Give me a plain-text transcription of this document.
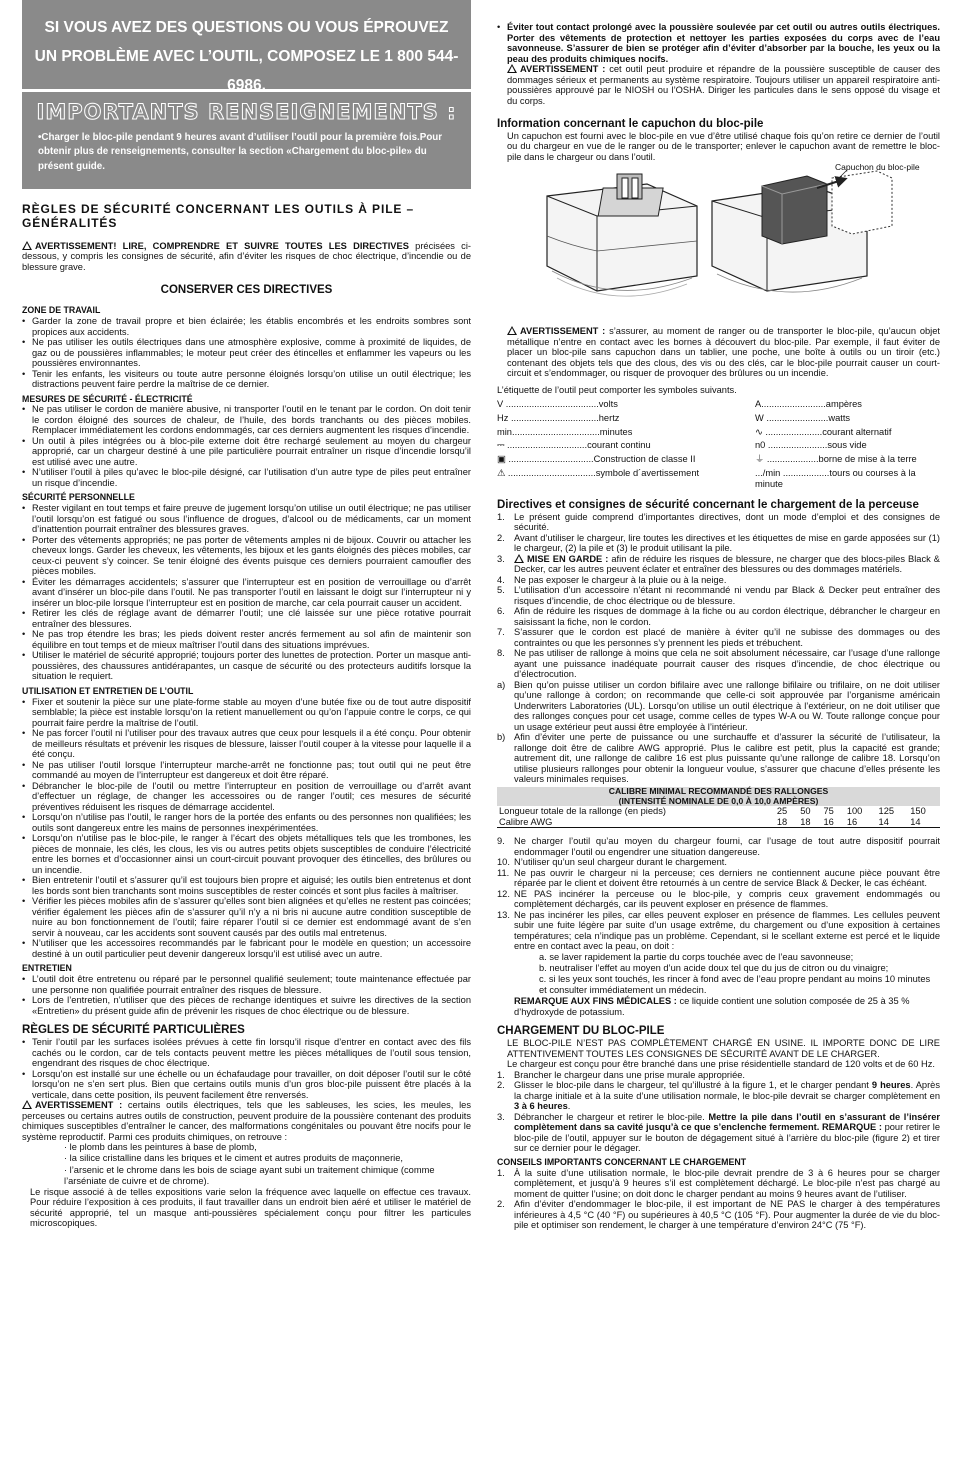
SI VOUS AVEZ DES QUESTIONS OU VOUS ÉPROUVEZ UN PROBLÈME AVEC L’OUTIL, COMPOSEZ LE 1 800 544-6986.
IMPORTANTS RENSEIGNEMENTS :
•Charger le bloc-pile pendant 9 heures avant d’utiliser l’outil pour la première fois.Pour obtenir plus de renseignements, consulter la section «Chargement du bloc-pile» du présent guide.
RÈGLES DE SÉCURITÉ CONCERNANT LES OUTILS À PILE – GÉNÉRALITÉS

AVERTISSEMENT! LIRE, COMPRENDRE ET SUIVRE TOUTES LES DIRECTIVES précisées ci-dessous, y compris les consignes de sécurité, afin d’éviter les risques de choc électrique, d’incendie ou de blessure grave.

CONSERVER CES DIRECTIVES
ZONE DE TRAVAIL
• Garder la zone de travail propre et bien éclairée; les établis encombrés et les endroits sombres sont propices aux accidents.
• Ne pas utiliser les outils électriques dans une atmosphère explosive, comme à proximité de liquides, de gaz ou de poussières inflammables; le moteur peut créer des étincelles et enflammer les vapeurs ou les poussières environnantes.
• Tenir les enfants, les visiteurs ou toute autre personne éloignés lorsqu’on utilise un outil électrique; les distractions peuvent faire perdre la maîtrise de ce dernier.
MESURES DE SÉCURITÉ - ÉLECTRICITÉ
• Ne pas utiliser le cordon de manière abusive, ni transporter l’outil en le tenant par le cordon. On doit tenir le cordon éloigné des sources de chaleur, de l’huile, des bords tranchants ou des pièces mobiles. Remplacer immédiatement les cordons endommagés, car ces derniers augmentent les risques d’incendie.
• Un outil à piles intégrées ou à bloc-pile externe doit être rechargé seulement au moyen du chargeur approprié, car un chargeur destiné à une pile particulière pourrait entraîner un risque d’incendie lorsqu’il est utilisé avec une autre.
• N’utiliser l’outil à piles qu’avec le bloc-pile désigné, car l’utilisation d’un autre type de piles peut entraîner un risque d’incendie.
SÉCURITÉ PERSONNELLE
• Rester vigilant en tout temps et faire preuve de jugement lorsqu’on utilise un outil électrique; ne pas utiliser l’outil lorsqu’on est fatigué ou sous l’influence de drogues, d’alcool ou de médicaments, car un moment d’inattention pourrait entraîner des blessures graves.
• Porter des vêtements appropriés; ne pas porter de vêtements amples ni de bijoux. Couvrir ou attacher les cheveux longs. Garder les cheveux, les vêtements, les bijoux et les gants éloignés des pièces mobiles, car ceux-ci peuvent s’y coincer. Se tenir éloigné des évents puisque ces derniers pourraient camoufler des pièces mobiles.
• Éviter les démarrages accidentels; s’assurer que l’interrupteur est en position de verrouillage ou d’arrêt avant d’insérer un bloc-pile dans l’outil. Ne pas transporter l’outil en laissant le doigt sur l’interrupteur ni y insérer un bloc-pile lorsque l’interrupteur est en position de marche, car cela pourrait causer un accident.
• Retirer les clés de réglage avant de démarrer l’outil; une clé laissée sur une pièce rotative pourrait entraîner des blessures.
• Ne pas trop étendre les bras; les pieds doivent rester ancrés fermement au sol afin de maintenir son équilibre en tout temps et de mieux maîtriser l’outil dans des situations imprévues.
• Utiliser le matériel de sécurité approprié; toujours porter des lunettes de protection. Porter un masque anti-poussières, des chaussures antidérapantes, un casque de sécurité ou des protecteurs auditifs lorsque la situation le requiert.
UTILISATION ET ENTRETIEN DE L’OUTIL
• Fixer et soutenir la pièce sur une plate-forme stable au moyen d’une butée fixe ou de tout autre dispositif semblable; la pièce est instable lorsqu’on la retient manuellement ou qu’on l’appuie contre le corps, ce qui pourrait faire perdre la maîtrise de l’outil.
• Ne pas forcer l’outil ni l’utiliser pour des travaux autres que ceux pour lesquels il a été conçu. Pour obtenir de meilleurs résultats et prévenir les risques de blessure, laisser l’outil couper à la vitesse pour laquelle il a été conçu.
• Ne pas utiliser l’outil lorsque l’interrupteur marche-arrêt ne fonctionne pas; tout outil qui ne peut être commandé au moyen de l’interrupteur est dangereux et doit être réparé.
• Débrancher le bloc-pile de l’outil ou mettre l’interrupteur en position de verrouillage ou d’arrêt avant d’effectuer un réglage, de changer les accessoires ou de ranger l’outil; ces mesures de sécurité préventives réduisent les risques de démarrage accidentel.
• Lorsqu’on n’utilise pas l’outil, le ranger hors de la portée des enfants ou des personnes non qualifiées; les outils sont dangereux entre les mains de personnes inexpérimentées.
• Lorsqu’on n’utilise pas le bloc-pile, le ranger à l’écart des objets métalliques tels que les trombones, les pièces de monnaie, les clés, les clous, les vis ou autres petits objets susceptibles de conduire l’électricité entre les bornes et d’occasionner ainsi un court-circuit pouvant provoquer des étincelles, des brûlures ou un incendie.
• Bien entretenir l’outil et s’assurer qu’il est toujours bien propre et aiguisé; les outils bien entretenus et dont les bords sont bien tranchants sont moins susceptibles de rester coincés et sont plus faciles à maîtriser.
• Vérifier les pièces mobiles afin de s’assurer qu’elles sont bien alignées et qu’elles ne restent pas coincées; vérifier également les pièces afin de s’assurer qu’il n’y a ni bris ni aucune autre condition susceptible de nuire au bon fonctionnement de l’outil; faire réparer l’outil si ce dernier est endommagé avant de s’en servir à nouveau, car les accidents sont souvent causés par des outils mal entretenus.
• N’utiliser que les accessoires recommandés par le fabricant pour le modèle en question; un accessoire destiné à un outil particulier peut devenir dangereux lorsqu’il est utilisé avec un autre.
ENTRETIEN
• L’outil doit être entretenu ou réparé par le personnel qualifié seulement; toute maintenance effectuée par une personne non qualifiée pourrait entraîner des risques de blessure.
• Lors de l’entretien, n’utiliser que des pièces de rechange identiques et suivre les directives de la section «Entretien» du présent guide afin de prévenir les risques de choc électrique ou de blessure.
RÈGLES DE SÉCURITÉ PARTICULIÈRES
• Tenir l’outil par les surfaces isolées prévues à cette fin lorsqu’il risque d’entrer en contact avec des fils cachés ou le cordon, car de tels contacts peuvent mettre les pièces métalliques de l’outil sous tension, engendrant des risques de choc électrique.
• Lorsqu’on est installé sur une échelle ou un échafaudage pour travailler, on doit déposer l’outil sur le côté lorsqu’on ne s’en sert plus. Bien que certains outils munis d’un gros bloc-pile puissent être placés à la verticale, dans cette position, ils peuvent facilement être renversés.

AVERTISSEMENT : certains outils électriques, tels que les sableuses, les scies, les meules, les perceuses ou certains autres outils de construction, peuvent produire de la poussière contenant des produits chimiques susceptibles d’entraîner le cancer, des malformations congénitales ou pouvant être nocifs pour le système reproductif. Parmi ces produits chimiques, on retrouve :

· le plomb dans les peintures à base de plomb,

· la silice cristalline dans les briques et le ciment et autres produits de maçonnerie,

· l’arsenic et le chrome dans les bois de sciage ayant subi un traitement chimique (comme l’arséniate de cuivre et de chrome).

Le risque associé à de telles expositions varie selon la fréquence avec laquelle on effectue ces travaux. Pour réduire l’exposition à ces produits, il faut travailler dans un endroit bien aéré et utiliser le matériel de sécurité approprié, tel un masque anti-poussières spécialement conçu pour filtrer les particules microscopiques.

• Éviter tout contact prolongé avec la poussière soulevée par cet outil ou autres outils électriques. Porter des vêtements de protection et nettoyer les parties exposées du corps avec de l’eau savonneuse. S’assurer de bien se protéger afin d’éviter d’absorber par la bouche, les yeux ou la peau des produits chimiques nocifs.

AVERTISSEMENT : cet outil peut produire et répandre de la poussière susceptible de causer des dommages sérieux et permanents au système respiratoire. Toujours utiliser un appareil respiratoire anti-poussières approuvé par le NIOSH ou l’OSHA. Diriger les particules dans le sens opposé du visage et du corps.

Information concernant le capuchon du bloc-pile

Un capuchon est fourni avec le bloc-pile en vue d’être utilisé chaque fois qu’on retire ce dernier de l’outil ou du chargeur en vue de le ranger ou de le transporter; enlever le capuchon avant de remettre le bloc-pile dans le chargeur ou dans l’outil.

Capuchon du bloc-pile

AVERTISSEMENT : s’assurer, au moment de ranger ou de transporter le bloc-pile, qu’aucun objet métallique n’entre en contact avec les bornes à découvert du bloc-pile. Par exemple, il faut éviter de placer un bloc-pile sans capuchon dans un tablier, une poche, une boîte à outils ou un tiroir (etc.) contenant des objets tels que des clous, des vis ou des clés, car le bloc-pile pourrait causer un court-circuit et s’endommager, ou risquer de provoquer des brûlures ou un incendie.

L’étiquette de l’outil peut comporter les symboles suivants.

V ....................................volts	A.........................ampères
Hz ..................................hertz	W ........................watts
min..................................minutes	∿ ......................courant alternatif
⎓ ...............................courant continu	n0 .......................sous vide
▣ .................................Construction de classe II	⏚ ....................borne de mise à la terre
⚠ ..................................symbole d´avertissement	.../min ..................tours ou courses à la minute
Directives et consignes de sécurité concernant le chargement de la perceuse
1. Le présent guide comprend d’importantes directives, dont un mode d’emploi et des consignes de sécurité.
2. Avant d’utiliser le chargeur, lire toutes les directives et les étiquettes de mise en garde apposées sur (1) le chargeur, (2) la pile et (3) le produit utilisant la pile.
3. MISE EN GARDE : afin de réduire les risques de blessure, ne charger que des blocs-piles Black & Decker, car les autres peuvent éclater et entraîner des blessures ou des dommages matériels.
4. Ne pas exposer le chargeur à la pluie ou à la neige.
5. L’utilisation d’un accessoire n’étant ni recommandé ni vendu par Black & Decker peut entraîner des risques d’incendie, de choc électrique ou de blessure.
6. Afin de réduire les risques de dommage à la fiche ou au cordon électrique, débrancher le chargeur en saisissant la fiche, non le cordon.
7. S’assurer que le cordon est placé de manière à éviter qu’il ne subisse des dommages ou des contraintes ou que les personnes s’y prennent les pieds et trébuchent.
8. Ne pas utiliser de rallonge à moins que cela ne soit absolument nécessaire, car l’usage d’une rallonge ayant une puissance inadéquate pourrait causer des risques d’incendie, de choc électrique ou d’électrocution.
a) Bien qu’on puisse utiliser un cordon bifilaire avec une rallonge bifilaire ou trifilaire, on ne doit utiliser qu’une rallonge à cordon; on recommande que celle-ci soit approuvée par l’organisme américain Underwriters Laboratories (UL). Lorsqu’on utilise un outil électrique à l’extérieur, on ne doit utiliser que des rallonges conçues pour cet usage, comme celles de types W-A ou W. Toute rallonge conçue pour un usage extérieur peut aussi être employée à l’intérieur.
b) Afin d’éviter une perte de puissance ou une surchauffe et d’assurer la sécurité de l’utilisateur, la rallonge doit être de calibre AWG approprié. Plus le calibre est petit, plus la capacité est grande; autrement dit, une rallonge de calibre 16 est plus puissante qu’une rallonge de calibre 18. Lorsqu’on utilise plusieurs rallonges pour obtenir la longueur voulue, s’assurer que chacune d’elles présente les valeurs minimales requises.
CALIBRE MINIMAL RECOMMANDÉ DES RALLONGES						
(INTENSITÉ NOMINALE DE 0,0 À 10,0 AMPÈRES)						
Longueur totale de la rallonge (en pieds)	25	50	75	100	125	150
Calibre AWG	18	18	16	16	14	14
9. Ne charger l’outil qu’au moyen du chargeur fourni, car l’usage de tout autre dispositif pourrait endommager l’outil ou engendrer une situation dangereuse.
10. N’utiliser qu’un seul chargeur durant le chargement.
11. Ne pas ouvrir le chargeur ni la perceuse; ces derniers ne contiennent aucune pièce pouvant être réparée par le client et doivent être retournés à un centre de service Black & Decker, le cas échéant.
12. NE PAS incinérer la perceuse ou le bloc-pile, y compris ceux gravement endommagés ou complètement déchargés, car ils peuvent exploser en présence de flammes.
13. Ne pas incinérer les piles, car elles peuvent exploser en présence de flammes. Les cellules peuvent subir une fuite légère par suite d’un usage extrême, du chargement ou d’une exposition à certaines températures; cela n’indique pas un problème. Cependant, si le scellant externe est percé et le liquide entre en contact avec la peau, on doit :

a. se laver rapidement la partie du corps touchée avec de l’eau savonneuse;

b. neutraliser l’effet au moyen d’un acide doux tel que du jus de citron ou du vinaigre;

c. si les yeux sont touchés, les rincer à fond avec de l’eau propre pendant au moins 10 minutes et consulter immédiatement un médecin.

REMARQUE AUX FINS MÉDICALES : ce liquide contient une solution composée de 25 à 35 % d’hydroxyde de potassium.

CHARGEMENT DU BLOC-PILE

LE BLOC-PILE N’EST PAS COMPLÈTEMENT CHARGÉ EN USINE. IL IMPORTE DONC DE LIRE ATTENTIVEMENT TOUTES LES CONSIGNES DE SÉCURITÉ AVANT DE LE CHARGER.

Le chargeur est conçu pour être branché dans une prise résidentielle standard de 120 volts et de 60 Hz.

1. Brancher le chargeur dans une prise murale appropriée.
2. Glisser le bloc-pile dans le chargeur, tel qu’illustré à la figure 1, et le charger pendant 9 heures. Après la charge initiale et à la suite d’une utilisation normale, le bloc-pile devrait se charger complètement en 3 à 6 heures.
3. Débrancher le chargeur et retirer le bloc-pile. Mettre la pile dans l’outil en s’assurant de l’insérer complètement dans sa cavité jusqu’à ce que s’enclenche fermement. REMARQUE : pour retirer le bloc-pile de l’outil, appuyer sur le bouton de dégagement situé à l’arrière du bloc-pile (figure 2) et tirer sur ce dernier pour le dégager.
CONSEILS IMPORTANTS CONCERNANT LE CHARGEMENT
1. À la suite d’une utilisation normale, le bloc-pile devrait prendre de 3 à 6 heures pour se charger complètement, et jusqu’à 9 heures s’il est complètement déchargé. Le bloc-pile n’est pas chargé au moment de quitter l’usine; on doit donc le charger pendant au moins 9 heures avant de l’utiliser.
2. Afin d’éviter d’endommager le bloc-pile, il est important de NE PAS le charger à des températures inférieures à 4,5 °C (40 °F) ou supérieures à 40,5 °C (105 °F). Pour augmenter la durée de vie du bloc-pile et optimiser son rendement, le charger à une température d’environ 24°C (75 °F).
